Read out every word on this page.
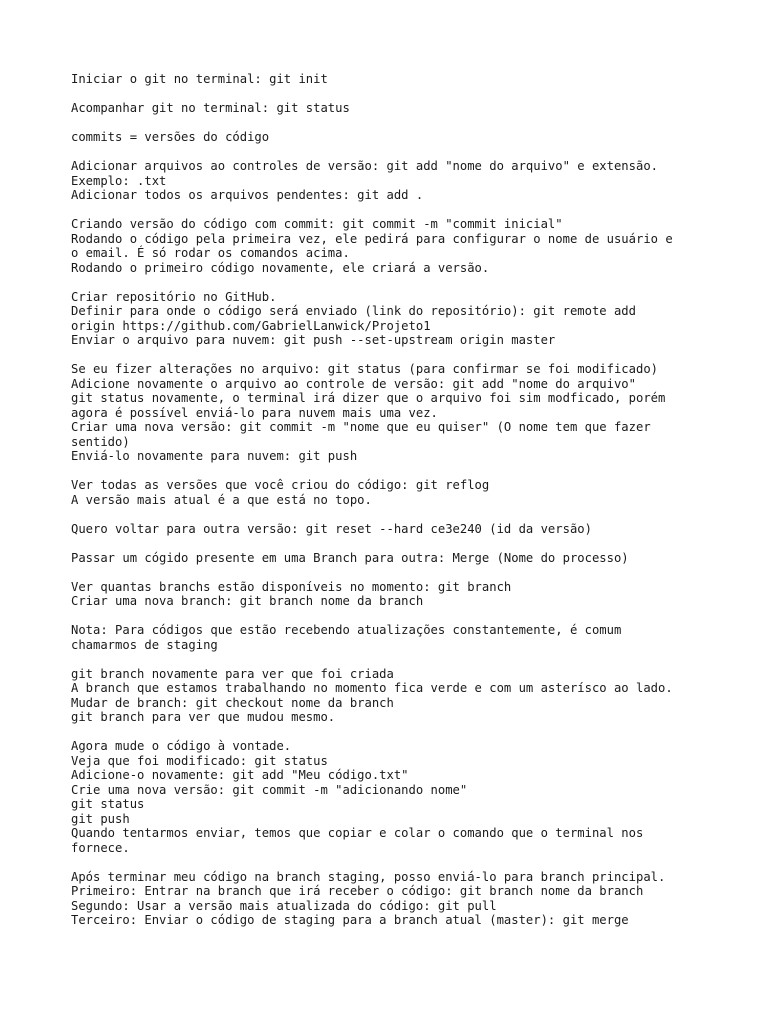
Iniciar o git no terminal: git init
Acompanhar git no terminal: git status
commits = versões do código
Adicionar arquivos ao controles de versão: git add "nome do arquivo" e extensão.
Exemplo: .txt
Adicionar todos os arquivos pendentes: git add .
Criando versão do código com commit: git commit -m "commit inicial"
Rodando o código pela primeira vez, ele pedirá para configurar o nome de usuário e
o email. É só rodar os comandos acima.
Rodando o primeiro código novamente, ele criará a versão.
Criar repositório no GitHub.
Definir para onde o código será enviado (link do repositório): git remote add
origin https://github.com/GabrielLanwick/Projeto1
Enviar o arquivo para nuvem: git push --set-upstream origin master
Se eu fizer alterações no arquivo: git status (para confirmar se foi modificado)
Adicione novamente o arquivo ao controle de versão: git add "nome do arquivo"
git status novamente, o terminal irá dizer que o arquivo foi sim modficado, porém
agora é possível enviá-lo para nuvem mais uma vez.
Criar uma nova versão: git commit -m "nome que eu quiser" (O nome tem que fazer
sentido)
Enviá-lo novamente para nuvem: git push
Ver todas as versões que você criou do código: git reflog
A versão mais atual é a que está no topo.
Quero voltar para outra versão: git reset --hard ce3e240 (id da versão)
Passar um cógido presente em uma Branch para outra: Merge (Nome do processo)
Ver quantas branchs estão disponíveis no momento: git branch
Criar uma nova branch: git branch nome da branch
Nota: Para códigos que estão recebendo atualizações constantemente, é comum
chamarmos de staging
git branch novamente para ver que foi criada
A branch que estamos trabalhando no momento fica verde e com um asterísco ao lado.
Mudar de branch: git checkout nome da branch
git branch para ver que mudou mesmo.
Agora mude o código à vontade.
Veja que foi modificado: git status
Adicione-o novamente: git add "Meu código.txt"
Crie uma nova versão: git commit -m "adicionando nome"
git status
git push
Quando tentarmos enviar, temos que copiar e colar o comando que o terminal nos
fornece.
Após terminar meu código na branch staging, posso enviá-lo para branch principal.
Primeiro: Entrar na branch que irá receber o código: git branch nome da branch
Segundo: Usar a versão mais atualizada do código: git pull
Terceiro: Enviar o código de staging para a branch atual (master): git merge
